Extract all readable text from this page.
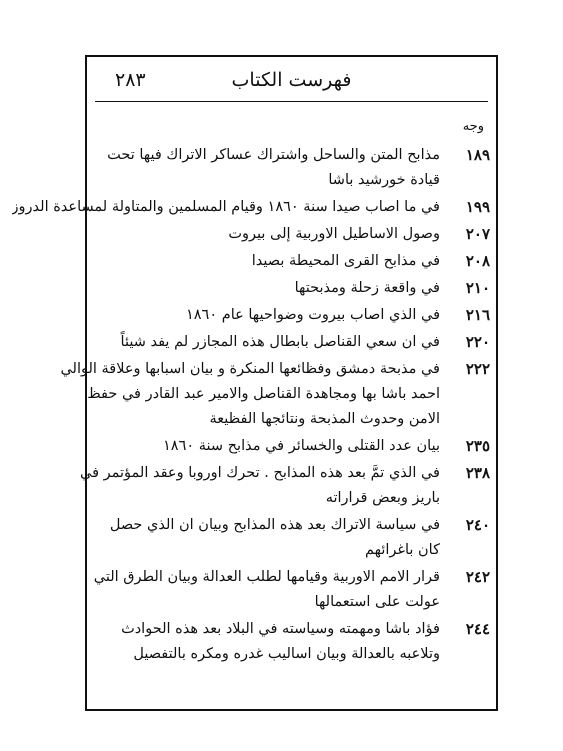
فهرست الكتاب
٢٨٣
وجه
١٨٩
مذابح المتن والساحل واشتراك عساكر الاتراك فيها تحت
قيادة خورشيد باشا
١٩٩
في ما اصاب صيدا سنة ١٨٦٠ وقيام المسلمين والمتاولة لمساعدة الدروز
٢٠٧
وصول الاساطيل الاوربية إلى بيروت
٢٠٨
في مذابح القرى المحيطة بصيدا
٢١٠
في واقعة زحلة ومذبحتها
٢١٦
في الذي اصاب بيروت وضواحيها عام ١٨٦٠
٢٢٠
في ان سعي القناصل بابطال هذه المجازر لم يفد شيئاً
٢٢٢
في مذبحة دمشق وفظائعها المنكرة و بيان اسبابها وعلاقة الوالي
احمد باشا بها ومجاهدة القناصل والامير عبد القادر في حفظ
الامن وحدوث المذبحة ونتائجها الفظيعة
٢٣٥
بيان عدد القتلى والخسائر في مذابح سنة ١٨٦٠
٢٣٨
في الذي تمَّ بعد هذه المذابح . تحرك اوروبا وعقد المؤتمر في
باريز وبعض قراراته
٢٤٠
في سياسة الاتراك بعد هذه المذابح وبيان ان الذي حصل
كان باغرائهم
٢٤٢
قرار الامم الاوربية وقيامها لطلب العدالة وبيان الطرق التي
عولت على استعمالها
٢٤٤
فؤاد باشا ومهمته وسياسته في البلاد بعد هذه الحوادث
وتلاعبه بالعدالة وبيان اساليب غدره ومكره بالتفصيل
